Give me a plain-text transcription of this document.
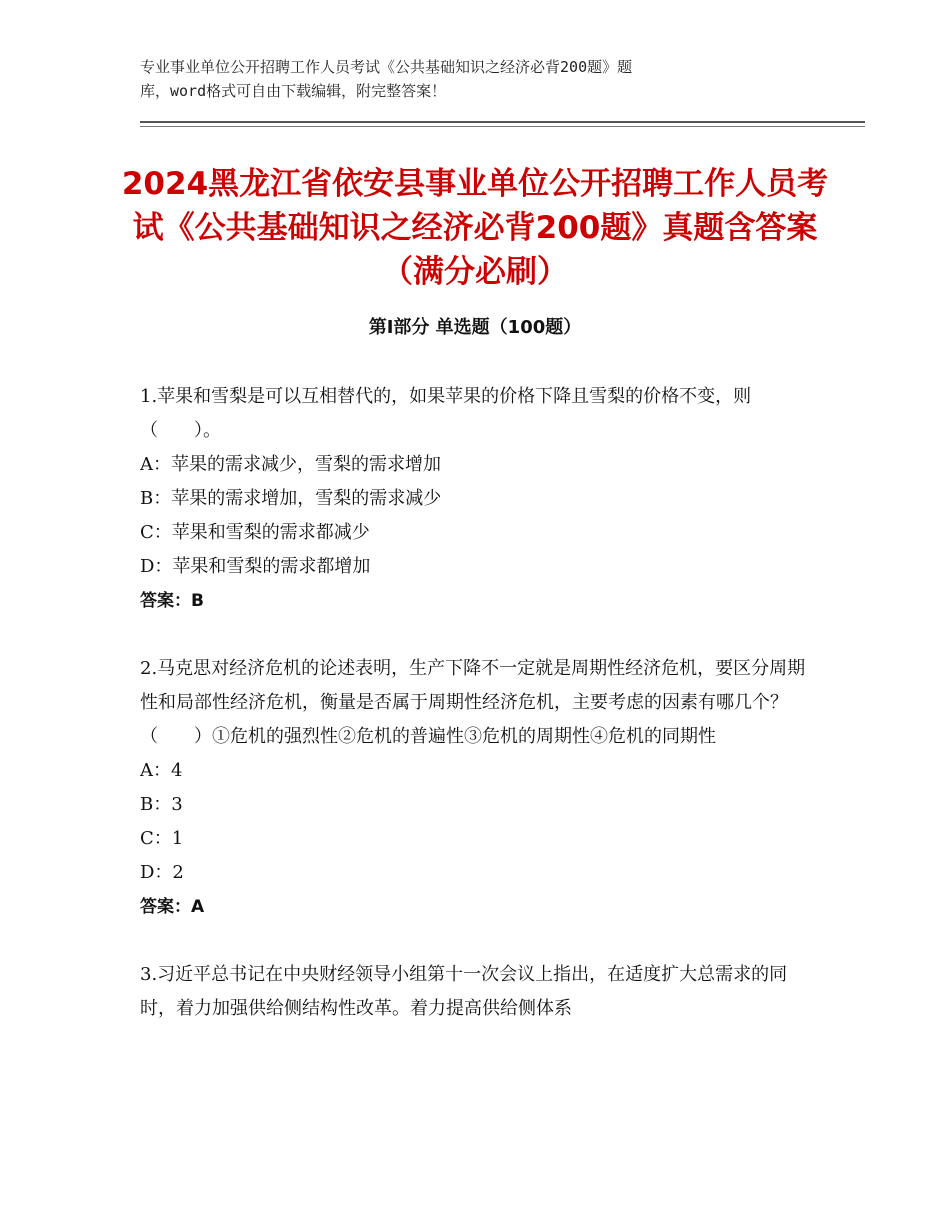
专业事业单位公开招聘工作人员考试《公共基础知识之经济必背200题》题
库，word格式可自由下载编辑，附完整答案！
2024黑龙江省依安县事业单位公开招聘工作人员考试《公共基础知识之经济必背200题》真题含答案（满分必刷）
第Ⅰ部分 单选题（100题）

1.苹果和雪梨是可以互相替代的，如果苹果的价格下降且雪梨的价格不变，则（　　）。

A：苹果的需求减少，雪梨的需求增加

B：苹果的需求增加，雪梨的需求减少

C：苹果和雪梨的需求都减少

D：苹果和雪梨的需求都增加

答案：B

2.马克思对经济危机的论述表明，生产下降不一定就是周期性经济危机，要区分周期性和局部性经济危机，衡量是否属于周期性经济危机，主要考虑的因素有哪几个？（　　）①危机的强烈性②危机的普遍性③危机的周期性④危机的同期性

A：4

B：3

C：1

D：2

答案：A

3.习近平总书记在中央财经领导小组第十一次会议上指出，在适度扩大总需求的同时，着力加强供给侧结构性改革。着力提高供给侧体系
